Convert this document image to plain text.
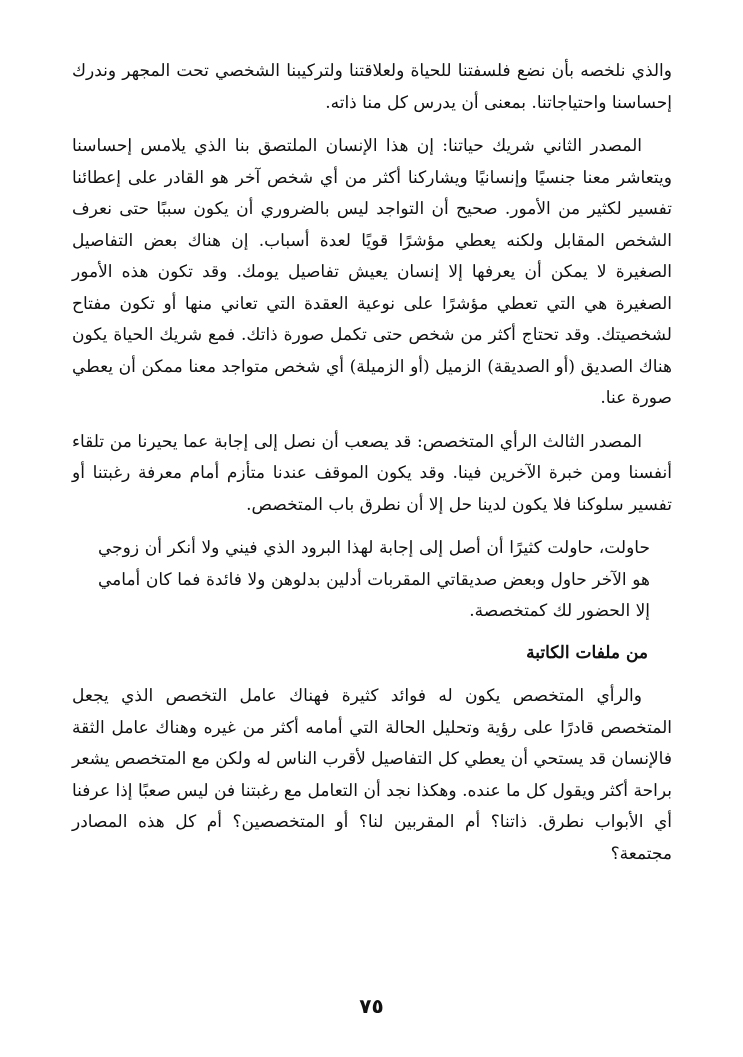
والذي نلخصه بأن نضع فلسفتنا للحياة ولعلاقتنا ولتركيبنا الشخصي تحت المجهر وندرك إحساسنا واحتياجاتنا. بمعنى أن يدرس كل منا ذاته.

المصدر الثاني شريك حياتنا: إن هذا الإنسان الملتصق بنا الذي يلامس إحساسنا ويتعاشر معنا جنسيًا وإنسانيًا ويشاركنا أكثر من أي شخص آخر هو القادر على إعطائنا تفسير لكثير من الأمور. صحيح أن التواجد ليس بالضروري أن يكون سببًا حتى نعرف الشخص المقابل ولكنه يعطي مؤشرًا قويًا لعدة أسباب. إن هناك بعض التفاصيل الصغيرة لا يمكن أن يعرفها إلا إنسان يعيش تفاصيل يومك. وقد تكون هذه الأمور الصغيرة هي التي تعطي مؤشرًا على نوعية العقدة التي تعاني منها أو تكون مفتاح لشخصيتك. وقد تحتاج أكثر من شخص حتى تكمل صورة ذاتك. فمع شريك الحياة يكون هناك الصديق (أو الصديقة) الزميل (أو الزميلة) أي شخص متواجد معنا ممكن أن يعطي صورة عنا.

المصدر الثالث الرأي المتخصص: قد يصعب أن نصل إلى إجابة عما يحيرنا من تلقاء أنفسنا ومن خبرة الآخرين فينا. وقد يكون الموقف عندنا متأزم أمام معرفة رغبتنا أو تفسير سلوكنا فلا يكون لدينا حل إلا أن نطرق باب المتخصص.

حاولت، حاولت كثيرًا أن أصل إلى إجابة لهذا البرود الذي فيني ولا أنكر أن زوجي هو الآخر حاول وبعض صديقاتي المقربات أدلين بدلوهن ولا فائدة فما كان أمامي إلا الحضور لك كمتخصصة.

من ملفات الكاتبة

والرأي المتخصص يكون له فوائد كثيرة فهناك عامل التخصص الذي يجعل المتخصص قادرًا على رؤية وتحليل الحالة التي أمامه أكثر من غيره وهناك عامل الثقة فالإنسان قد يستحي أن يعطي كل التفاصيل لأقرب الناس له ولكن مع المتخصص يشعر براحة أكثر ويقول كل ما عنده. وهكذا نجد أن التعامل مع رغبتنا فن ليس صعبًا إذا عرفنا أي الأبواب نطرق. ذاتنا؟ أم المقربين لنا؟ أو المتخصصين؟ أم كل هذه المصادر مجتمعة؟

٧٥
